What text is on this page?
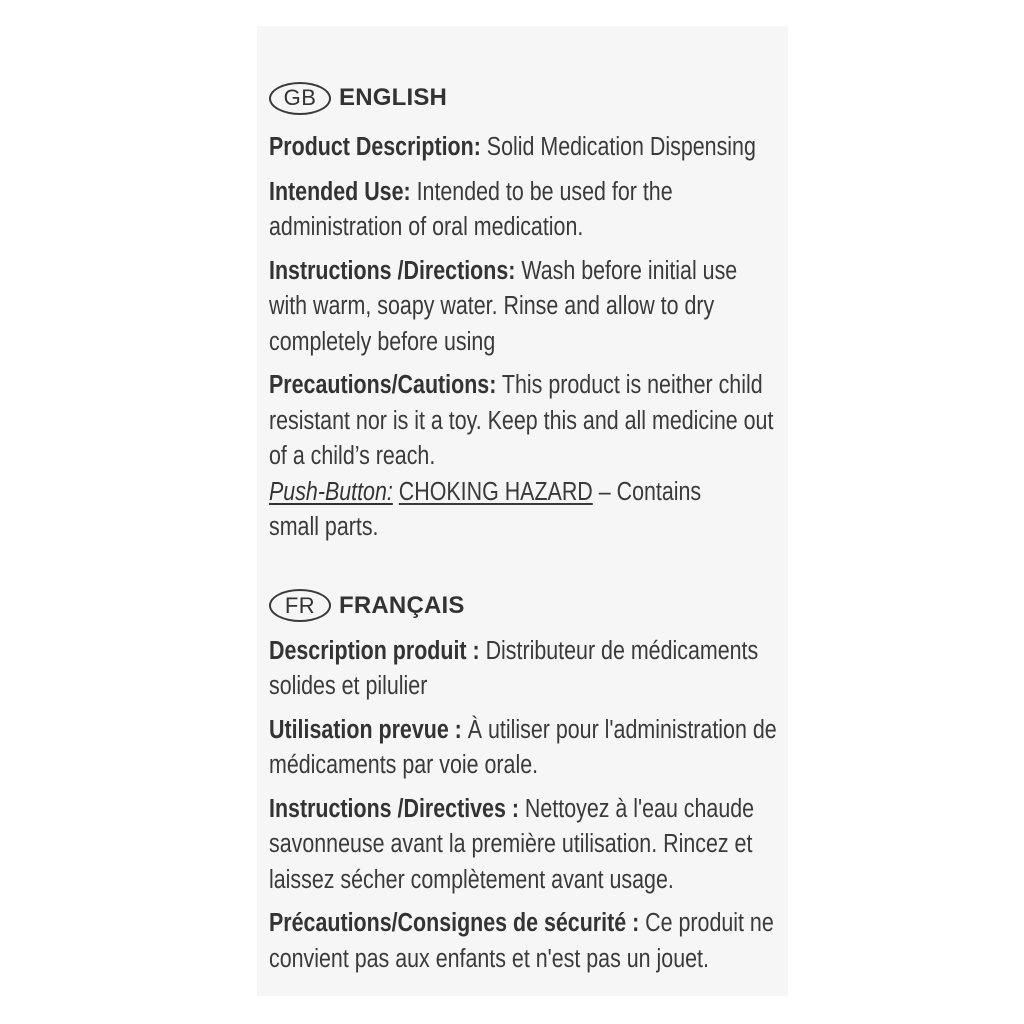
GB ENGLISH

Product Description: Solid Medication Dispensing

Intended Use: Intended to be used for the administration of oral medication.

Instructions /Directions: Wash before initial use with warm, soapy water. Rinse and allow to dry completely before using

Precautions/Cautions: This product is neither child resistant nor is it a toy. Keep this and all medicine out of a child’s reach.

Push-Button: CHOKING HAZARD – Contains small parts.

FR FRANÇAIS

Description produit : Distributeur de médicaments solides et pilulier

Utilisation prevue : À utiliser pour l'administration de médicaments par voie orale.

Instructions /Directives : Nettoyez à l'eau chaude savonneuse avant la première utilisation. Rincez et laissez sécher complètement avant usage.

Précautions/Consignes de sécurité : Ce produit ne convient pas aux enfants et n'est pas un jouet.
